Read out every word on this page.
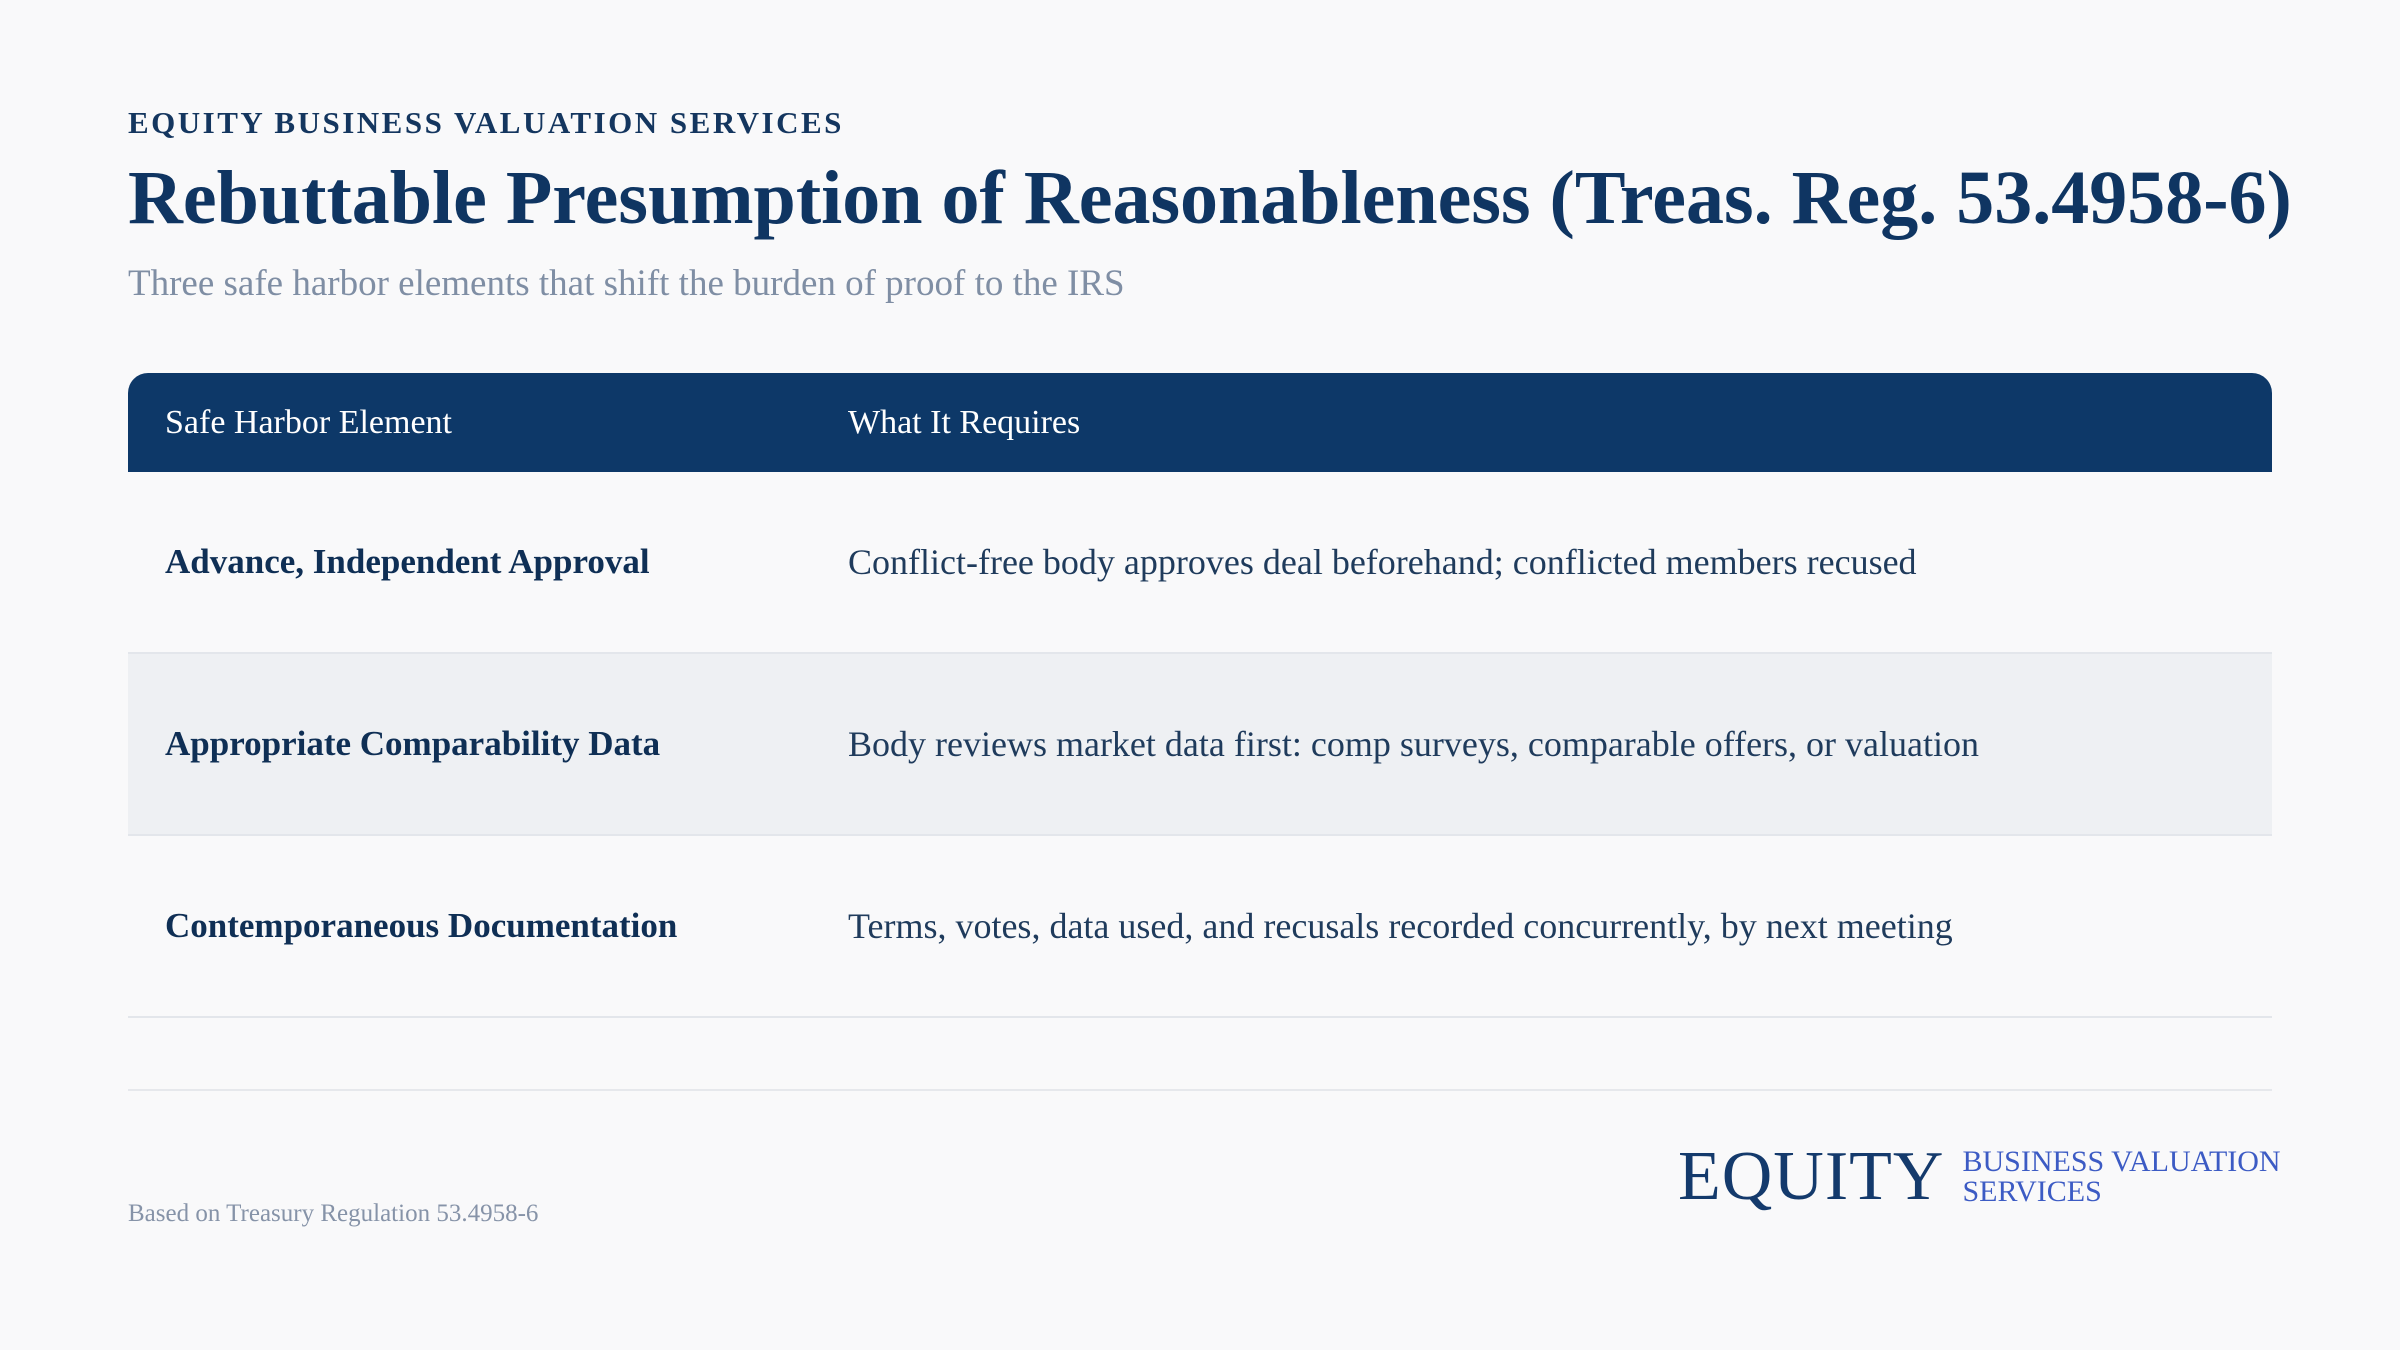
EQUITY BUSINESS VALUATION SERVICES
Rebuttable Presumption of Reasonableness (Treas. Reg. 53.4958-6)
Three safe harbor elements that shift the burden of proof to the IRS
Safe Harbor Element	What It Requires
Advance, Independent Approval	Conflict-free body approves deal beforehand; conflicted members recused
Appropriate Comparability Data	Body reviews market data first: comp surveys, comparable offers, or valuation
Contemporaneous Documentation	Terms, votes, data used, and recusals recorded concurrently, by next meeting
Based on Treasury Regulation 53.4958-6	EQUITY BUSINESS VALUATION
SERVICES
